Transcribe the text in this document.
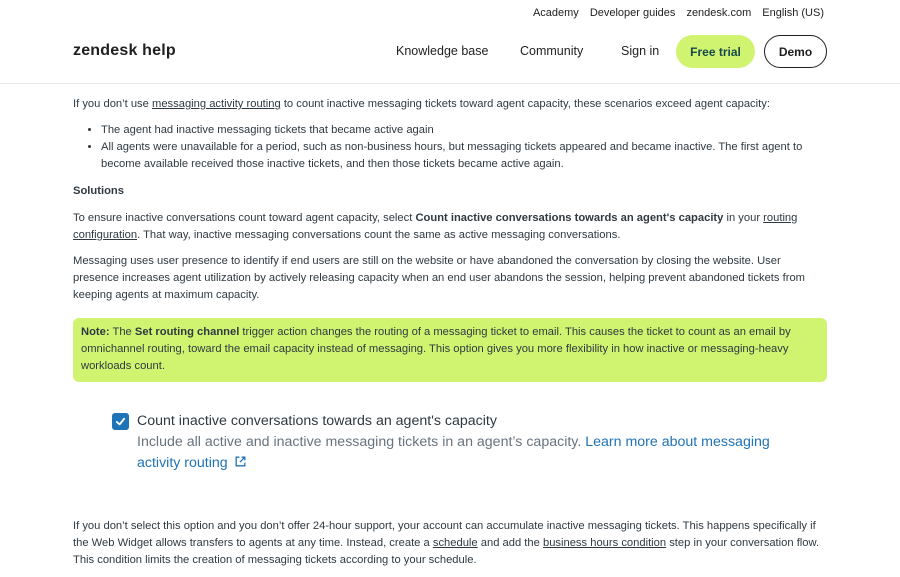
Academy Developer guides zendesk.com English (US)
zendesk help	Knowledge base	Community	Sign in	Free trial	Demo

If you don’t use messaging activity routing to count inactive messaging tickets toward agent capacity, these scenarios exceed agent capacity:

• The agent had inactive messaging tickets that became active again
• All agents were unavailable for a period, such as non-business hours, but messaging tickets appeared and became inactive. The first agent to become available received those inactive tickets, and then those tickets became active again.

Solutions

To ensure inactive conversations count toward agent capacity, select Count inactive conversations towards an agent's capacity in your routing configuration. That way, inactive messaging conversations count the same as active messaging conversations.

Messaging uses user presence to identify if end users are still on the website or have abandoned the conversation by closing the website. User presence increases agent utilization by actively releasing capacity when an end user abandons the session, helping prevent abandoned tickets from keeping agents at maximum capacity.

Note: The Set routing channel trigger action changes the routing of a messaging ticket to email. This causes the ticket to count as an email by omnichannel routing, toward the email capacity instead of messaging. This option gives you more flexibility in how inactive or messaging-heavy workloads count.
Count inactive conversations towards an agent's capacity
Include all active and inactive messaging tickets in an agent’s capacity. Learn more about messaging activity routing
If you don’t select this option and you don’t offer 24-hour support, your account can accumulate inactive messaging tickets. This happens specifically if the Web Widget allows transfers to agents at any time. Instead, create a schedule and add the business hours condition step in your conversation flow. This condition limits the creation of messaging tickets according to your schedule.
